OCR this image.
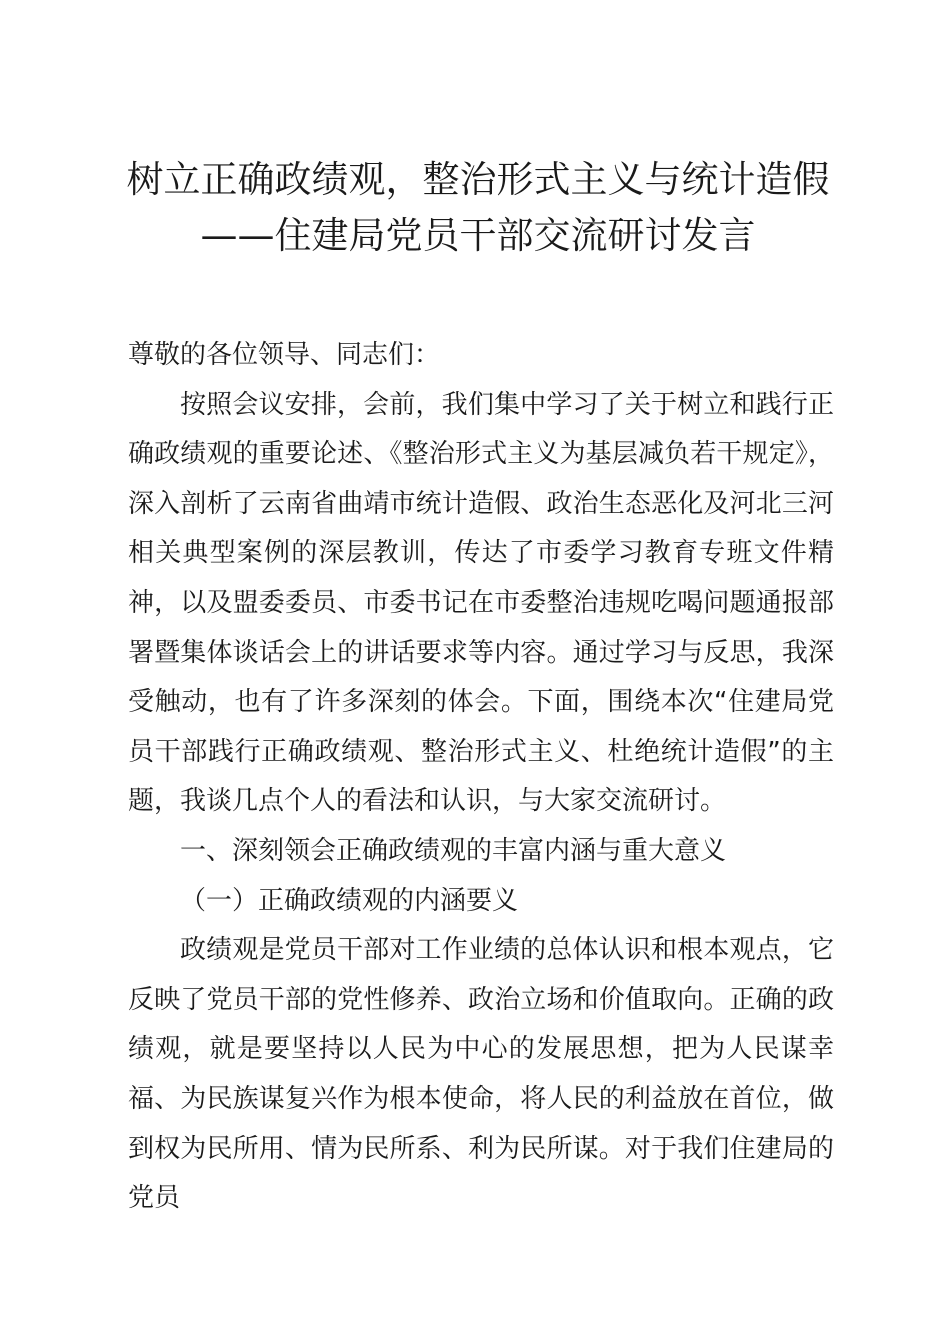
树立正确政绩观，整治形式主义与统计造假——住建局党员干部交流研讨发言

尊敬的各位领导、同志们：

按照会议安排，会前，我们集中学习了关于树立和践行正确政绩观的重要论述、《整治形式主义为基层减负若干规定》，深入剖析了云南省曲靖市统计造假、政治生态恶化及河北三河相关典型案例的深层教训，传达了市委学习教育专班文件精神，以及盟委委员、市委书记在市委整治违规吃喝问题通报部署暨集体谈话会上的讲话要求等内容。通过学习与反思，我深受触动，也有了许多深刻的体会。下面，围绕本次“住建局党员干部践行正确政绩观、整治形式主义、杜绝统计造假”的主题，我谈几点个人的看法和认识，与大家交流研讨。

一、深刻领会正确政绩观的丰富内涵与重大意义

（一）正确政绩观的内涵要义

政绩观是党员干部对工作业绩的总体认识和根本观点，它反映了党员干部的党性修养、政治立场和价值取向。正确的政绩观，就是要坚持以人民为中心的发展思想，把为人民谋幸福、为民族谋复兴作为根本使命，将人民的利益放在首位，做到权为民所用、情为民所系、利为民所谋。对于我们住建局的党员
